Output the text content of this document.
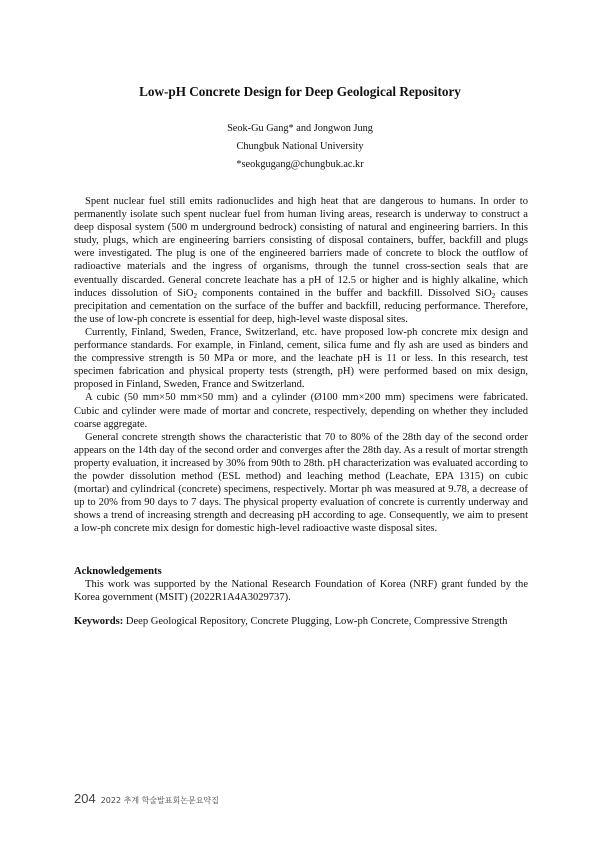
Low-pH Concrete Design for Deep Geological Repository
Seok-Gu Gang* and Jongwon Jung
Chungbuk National University
*seokgugang@chungbuk.ac.kr

Spent nuclear fuel still emits radionuclides and high heat that are dangerous to humans. In order to permanently isolate such spent nuclear fuel from human living areas, research is underway to construct a deep disposal system (500 m underground bedrock) consisting of natural and engineering barriers. In this study, plugs, which are engineering barriers consisting of disposal containers, buffer, backfill and plugs were investigated. The plug is one of the engineered barriers made of concrete to block the outflow of radioactive materials and the ingress of organisms, through the tunnel cross-section seals that are eventually discarded. General concrete leachate has a pH of 12.5 or higher and is highly alkaline, which induces dissolution of SiO$_2$ components contained in the buffer and backfill. Dissolved SiO$_2$ causes precipitation and cementation on the surface of the buffer and backfill, reducing performance. Therefore, the use of low-ph concrete is essential for deep, high-level waste disposal sites.

Currently, Finland, Sweden, France, Switzerland, etc. have proposed low-ph concrete mix design and performance standards. For example, in Finland, cement, silica fume and fly ash are used as binders and the compressive strength is 50 MPa or more, and the leachate pH is 11 or less. In this research, test specimen fabrication and physical property tests (strength, pH) were performed based on mix design, proposed in Finland, Sweden, France and Switzerland.

A cubic (50 mm×50 mm×50 mm) and a cylinder (Ø100 mm×200 mm) specimens were fabricated. Cubic and cylinder were made of mortar and concrete, respectively, depending on whether they included coarse aggregate.

General concrete strength shows the characteristic that 70 to 80% of the 28th day of the second order appears on the 14th day of the second order and converges after the 28th day. As a result of mortar strength property evaluation, it increased by 30% from 90th to 28th. pH characterization was evaluated according to the powder dissolution method (ESL method) and leaching method (Leachate, EPA 1315) on cubic (mortar) and cylindrical (concrete) specimens, respectively. Mortar ph was measured at 9.78, a decrease of up to 20% from 90 days to 7 days. The physical property evaluation of concrete is currently underway and shows a trend of increasing strength and decreasing pH according to age. Consequently, we aim to present a low-ph concrete mix design for domestic high-level radioactive waste disposal sites.

Acknowledgements
This work was supported by the National Research Foundation of Korea (NRF) grant funded by the Korea government (MSIT) (2022R1A4A3029737).
Keywords: Deep Geological Repository, Concrete Plugging, Low-ph Concrete, Compressive Strength
204 2022 추계 학술발표회논문요약집
